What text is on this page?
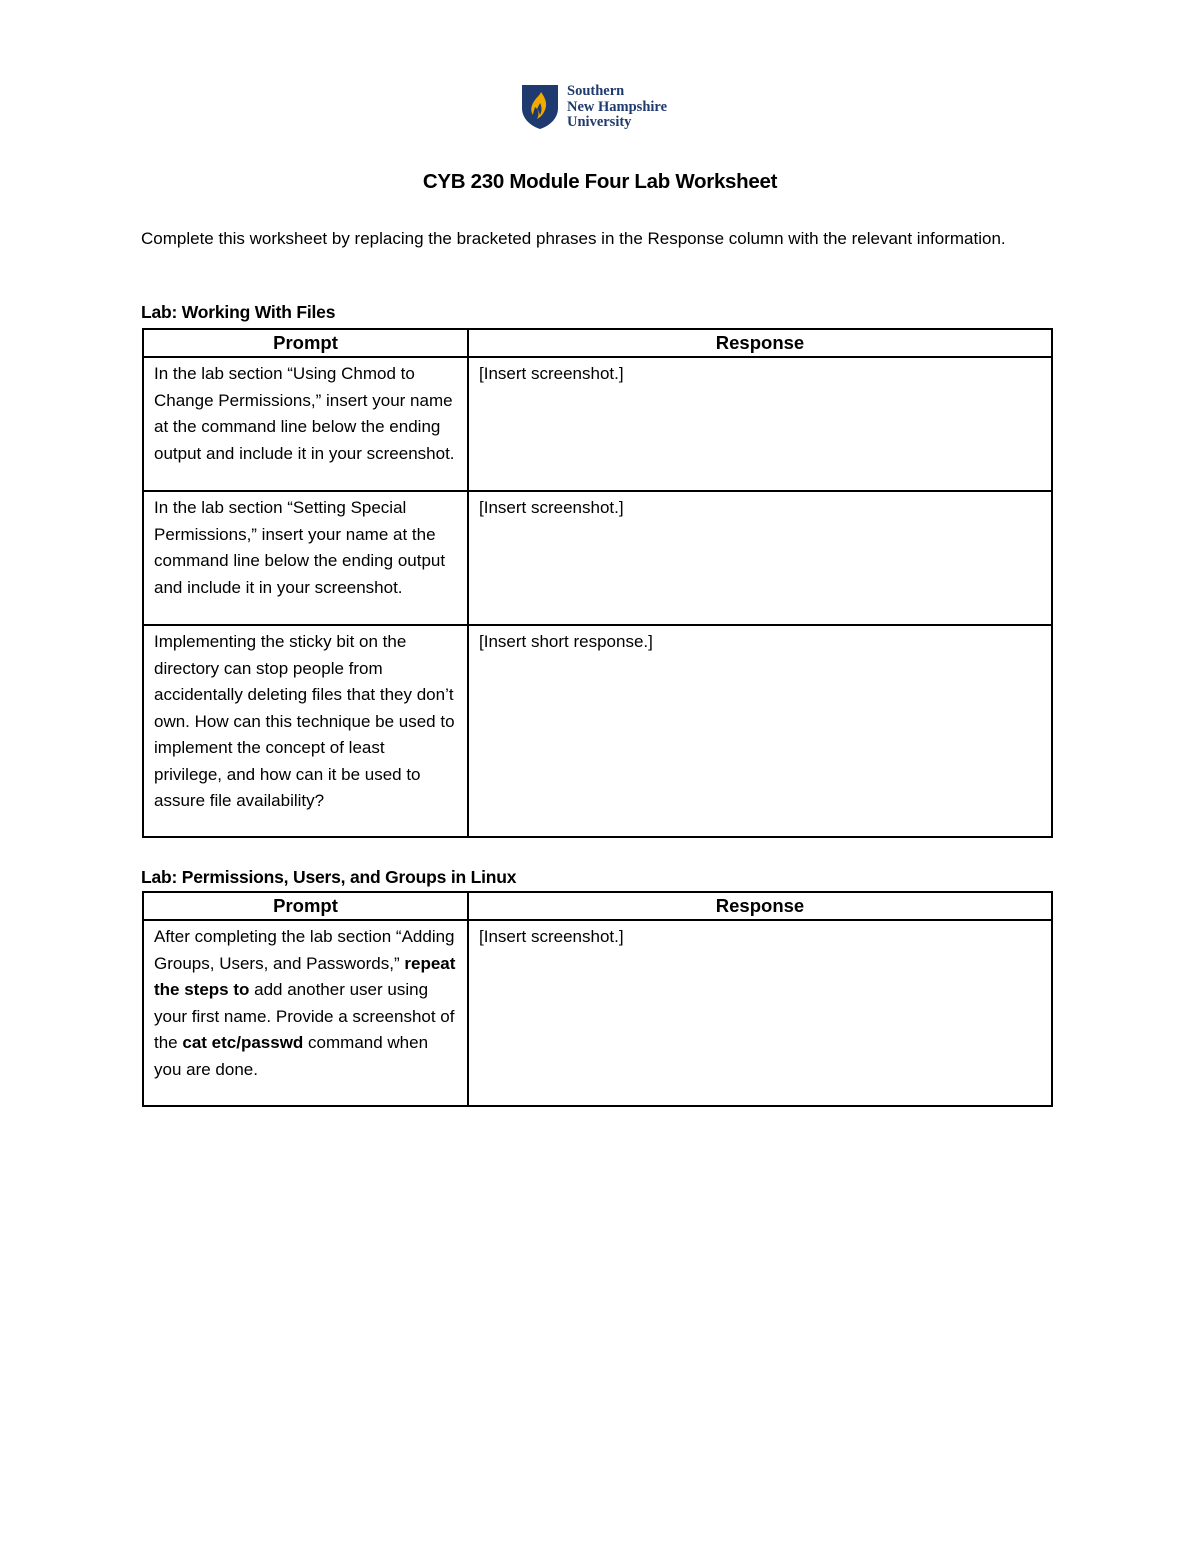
Southern
New Hampshire
University
CYB 230 Module Four Lab Worksheet
Complete this worksheet by replacing the bracketed phrases in the Response column with the relevant information.
Lab: Working With Files
Prompt	Response
In the lab section “Using Chmod to Change Permissions,” insert your name at the command line below the ending output and include it in your screenshot.	[Insert screenshot.]
In the lab section “Setting Special Permissions,” insert your name at the command line below the ending output and include it in your screenshot.	[Insert screenshot.]
Implementing the sticky bit on the directory can stop people from accidentally deleting files that they don’t own. How can this technique be used to implement the concept of least privilege, and how can it be used to assure file availability?	[Insert short response.]
Lab: Permissions, Users, and Groups in Linux
Prompt	Response
After completing the lab section “Adding Groups, Users, and Passwords,” repeat the steps to add another user using your first name. Provide a screenshot of the cat etc/passwd command when you are done.	[Insert screenshot.]
